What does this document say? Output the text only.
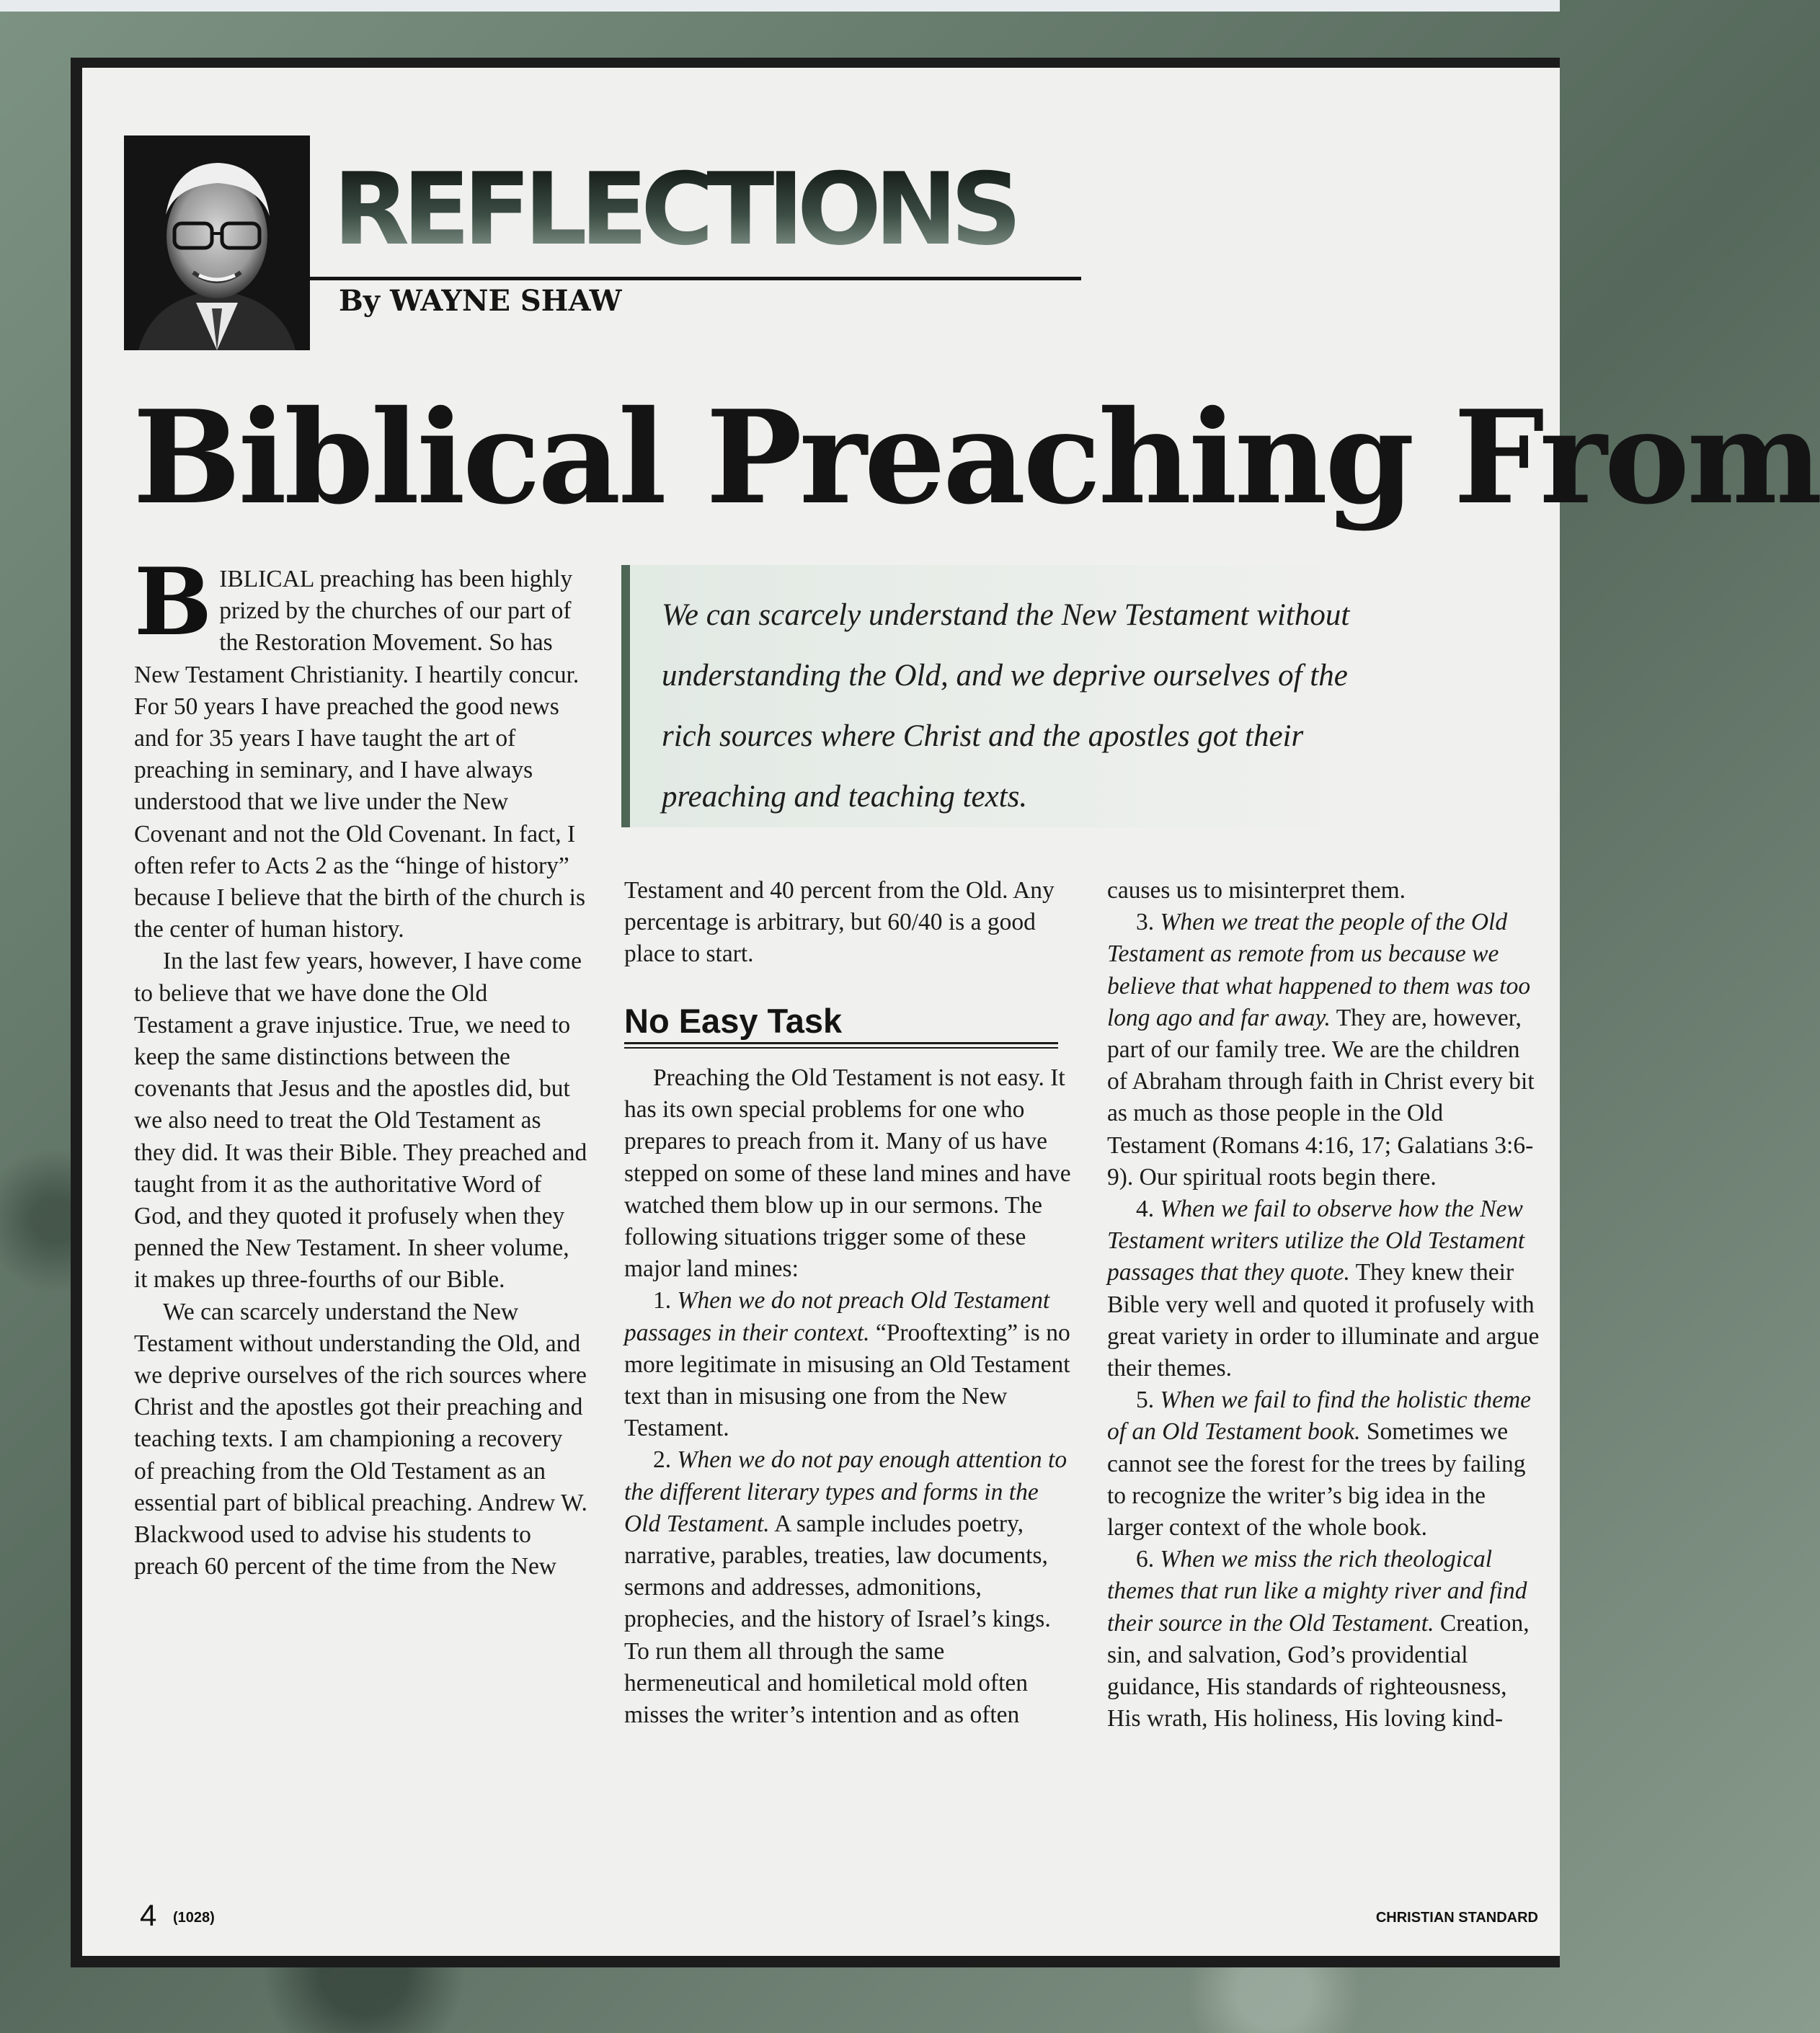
REFLECTIONS
By WAYNE SHAW
Biblical Preaching From

BIBLICAL preaching has been highly prized by the churches of our part of the Restoration Movement. So has New Testament Christianity. I heartily concur. For 50 years I have preached the good news and for 35 years I have taught the art of preaching in seminary, and I have always understood that we live under the New Covenant and not the Old Covenant. In fact, I often refer to Acts 2 as the “hinge of history” because I believe that the birth of the church is the center of human history.

In the last few years, however, I have come to believe that we have done the Old Testament a grave injustice. True, we need to keep the same distinctions between the covenants that Jesus and the apostles did, but we also need to treat the Old Testament as they did. It was their Bible. They preached and taught from it as the authoritative Word of God, and they quoted it profusely when they penned the New Testament. In sheer volume, it makes up three-fourths of our Bible.

We can scarcely understand the New Testament without understanding the Old, and we deprive ourselves of the rich sources where Christ and the apostles got their preaching and teaching texts. I am championing a recovery of preaching from the Old Testament as an essential part of biblical preaching. Andrew W. Blackwood used to advise his students to preach 60 percent of the time from the New

We can scarcely understand the New Testament without understanding the Old, and we deprive ourselves of the rich sources where Christ and the apostles got their preaching and teaching texts.

Testament and 40 percent from the Old. Any percentage is arbitrary, but 60/40 is a good place to start.

No Easy Task

Preaching the Old Testament is not easy. It has its own special problems for one who prepares to preach from it. Many of us have stepped on some of these land mines and have watched them blow up in our sermons. The following situations trigger some of these major land mines:

1. When we do not preach Old Testament passages in their context. “Prooftexting” is no more legitimate in misusing an Old Testament text than in misusing one from the New Testament.

2. When we do not pay enough attention to the different literary types and forms in the Old Testament. A sample includes poetry, narrative, parables, treaties, law documents, sermons and addresses, admonitions, prophecies, and the history of Israel’s kings. To run them all through the same hermeneutical and homiletical mold often misses the writer’s intention and as often

causes us to misinterpret them.

3. When we treat the people of the Old Testament as remote from us because we believe that what happened to them was too long ago and far away. They are, however, part of our family tree. We are the children of Abraham through faith in Christ every bit as much as those people in the Old Testament (Romans 4:16, 17; Galatians 3:6-9). Our spiritual roots begin there.

4. When we fail to observe how the New Testament writers utilize the Old Testament passages that they quote. They knew their Bible very well and quoted it profusely with great variety in order to illuminate and argue their themes.

5. When we fail to find the holistic theme of an Old Testament book. Sometimes we cannot see the forest for the trees by failing to recognize the writer’s big idea in the larger context of the whole book.

6. When we miss the rich theological themes that run like a mighty river and find their source in the Old Testament. Creation, sin, and salvation, God’s providential guidance, His standards of righteousness, His wrath, His holiness, His loving kind-

4 (1028)	CHRISTIAN STANDARD
